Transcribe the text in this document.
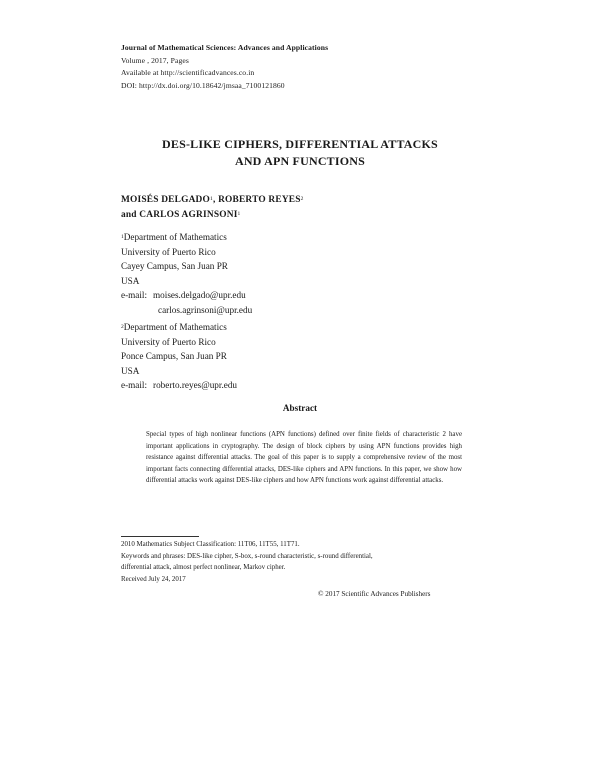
Journal of Mathematical Sciences: Advances and Applications
Volume , 2017, Pages
Available at http://scientificadvances.co.in
DOI: http://dx.doi.org/10.18642/jmsaa_7100121860
DES-LIKE CIPHERS, DIFFERENTIAL ATTACKS
AND APN FUNCTIONS
MOISÉS DELGADO$^1$, ROBERTO REYES$^2$
and CARLOS AGRINSONI$^1$
$^1$Department of Mathematics
University of Puerto Rico
Cayey Campus, San Juan PR
USA
e-mail: moises.delgado@upr.edu
carlos.agrinsoni@upr.edu
$^2$Department of Mathematics
University of Puerto Rico
Ponce Campus, San Juan PR
USA
e-mail: roberto.reyes@upr.edu
Abstract
Special types of high nonlinear functions (APN functions) defined over finite fields of characteristic 2 have important applications in cryptography. The design of block ciphers by using APN functions provides high resistance against differential attacks. The goal of this paper is to supply a comprehensive review of the most important facts connecting differential attacks, DES-like ciphers and APN functions. In this paper, we show how differential attacks work against DES-like ciphers and how APN functions work against differential attacks.
2010 Mathematics Subject Classification: 11T06, 11T55, 11T71.
Keywords and phrases: DES-like cipher, S-box, s-round characteristic, s-round differential,
differential attack, almost perfect nonlinear, Markov cipher.
Received July 24, 2017
© 2017 Scientific Advances Publishers
